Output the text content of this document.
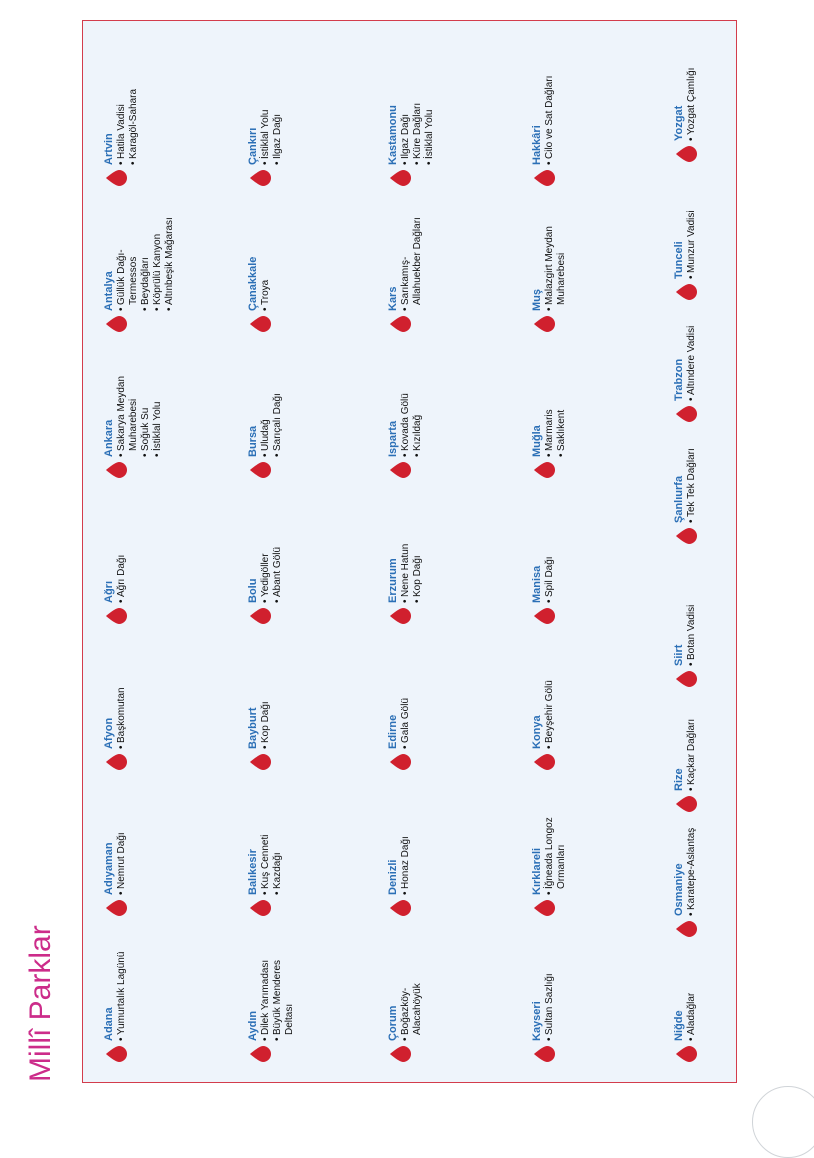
Millî Parklar	Adana • Yumurtalık Lagünü
Adıyaman • Nemrut Dağı
Afyon • Başkomutan
Ağrı • Ağrı Dağı
Ankara • Sakarya Meydan Muharebesi • Soğuk Su • İstiklal Yolu
Antalya • Güllük Dağı-Termessos • Beydağları • Köprülü Kanyon • Altınbeşik Mağarası
Artvin • Hatila Vadisi • Karagöl-Sahara
Aydın • Dilek Yarımadası • Büyük Menderes Deltası
Balıkesir • Kuş Cenneti • Kazdağı
Bayburt • Kop Dağı
Bolu • Yedigöller • Abant Gölü
Bursa • Uludağ • Sarıçalı Dağı
Çanakkale • Troya
Çankırı • İstiklal Yolu • Ilgaz Dağı
Çorum • Boğazköy-Alacahöyük
Denizli • Honaz Dağı
Edirne • Gala Gölü
Erzurum • Nene Hatun • Kop Dağı
Isparta • Kovada Gölü • Kızıldağ
Kars • Sarıkamış-Allahuekber Dağları
Kastamonu • Ilgaz Dağı • Küre Dağları • İstiklal Yolu
Kayseri • Sultan Sazlığı
Kırklareli • İğneada Longoz Ormanları
Konya • Beyşehir Gölü
Manisa • Spil Dağı
Muğla • Marmaris • Saklıkent
Muş • Malazgirt Meydan Muharebesi
Hakkâri • Cilo ve Sat Dağları
Niğde • Aladağlar
Osmaniye • Karatepe-Aslantaş
Rize • Kaçkar Dağları
Siirt • Botan Vadisi
Şanlıurfa • Tek Tek Dağları
Trabzon • Altındere Vadisi
Tunceli • Munzur Vadisi
Yozgat • Yozgat Çamlığı
